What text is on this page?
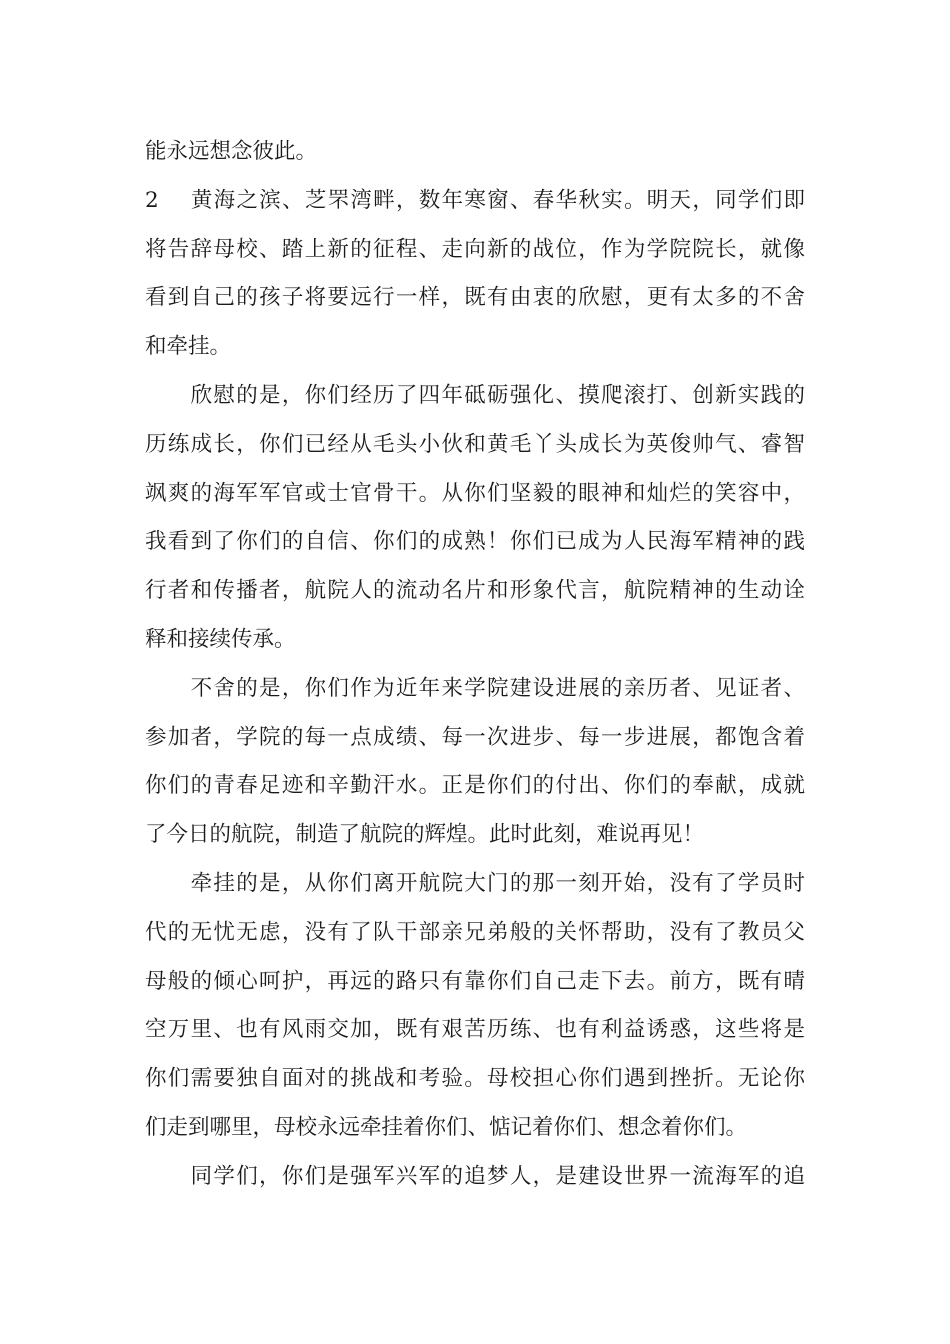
能永远想念彼此。
2　 黄海之滨、芝罘湾畔，数年寒窗、春华秋实。明天，同学们即
将告辞母校、踏上新的征程、走向新的战位，作为学院院长，就像
看到自己的孩子将要远行一样，既有由衷的欣慰，更有太多的不舍
和牵挂。
　　欣慰的是，你们经历了四年砥砺强化、摸爬滚打、创新实践的
历练成长，你们已经从毛头小伙和黄毛丫头成长为英俊帅气、睿智
飒爽的海军军官或士官骨干。从你们坚毅的眼神和灿烂的笑容中，
我看到了你们的自信、你们的成熟！你们已成为人民海军精神的践
行者和传播者，航院人的流动名片和形象代言，航院精神的生动诠
释和接续传承。
　　不舍的是，你们作为近年来学院建设进展的亲历者、见证者、
参加者，学院的每一点成绩、每一次进步、每一步进展，都饱含着
你们的青春足迹和辛勤汗水。正是你们的付出、你们的奉献，成就
了今日的航院，制造了航院的辉煌。此时此刻，难说再见！
　　牵挂的是，从你们离开航院大门的那一刻开始，没有了学员时
代的无忧无虑，没有了队干部亲兄弟般的关怀帮助，没有了教员父
母般的倾心呵护，再远的路只有靠你们自己走下去。前方，既有晴
空万里、也有风雨交加，既有艰苦历练、也有利益诱惑，这些将是
你们需要独自面对的挑战和考验。母校担心你们遇到挫折。无论你
们走到哪里，母校永远牵挂着你们、惦记着你们、想念着你们。
　　同学们，你们是强军兴军的追梦人，是建设世界一流海军的追
